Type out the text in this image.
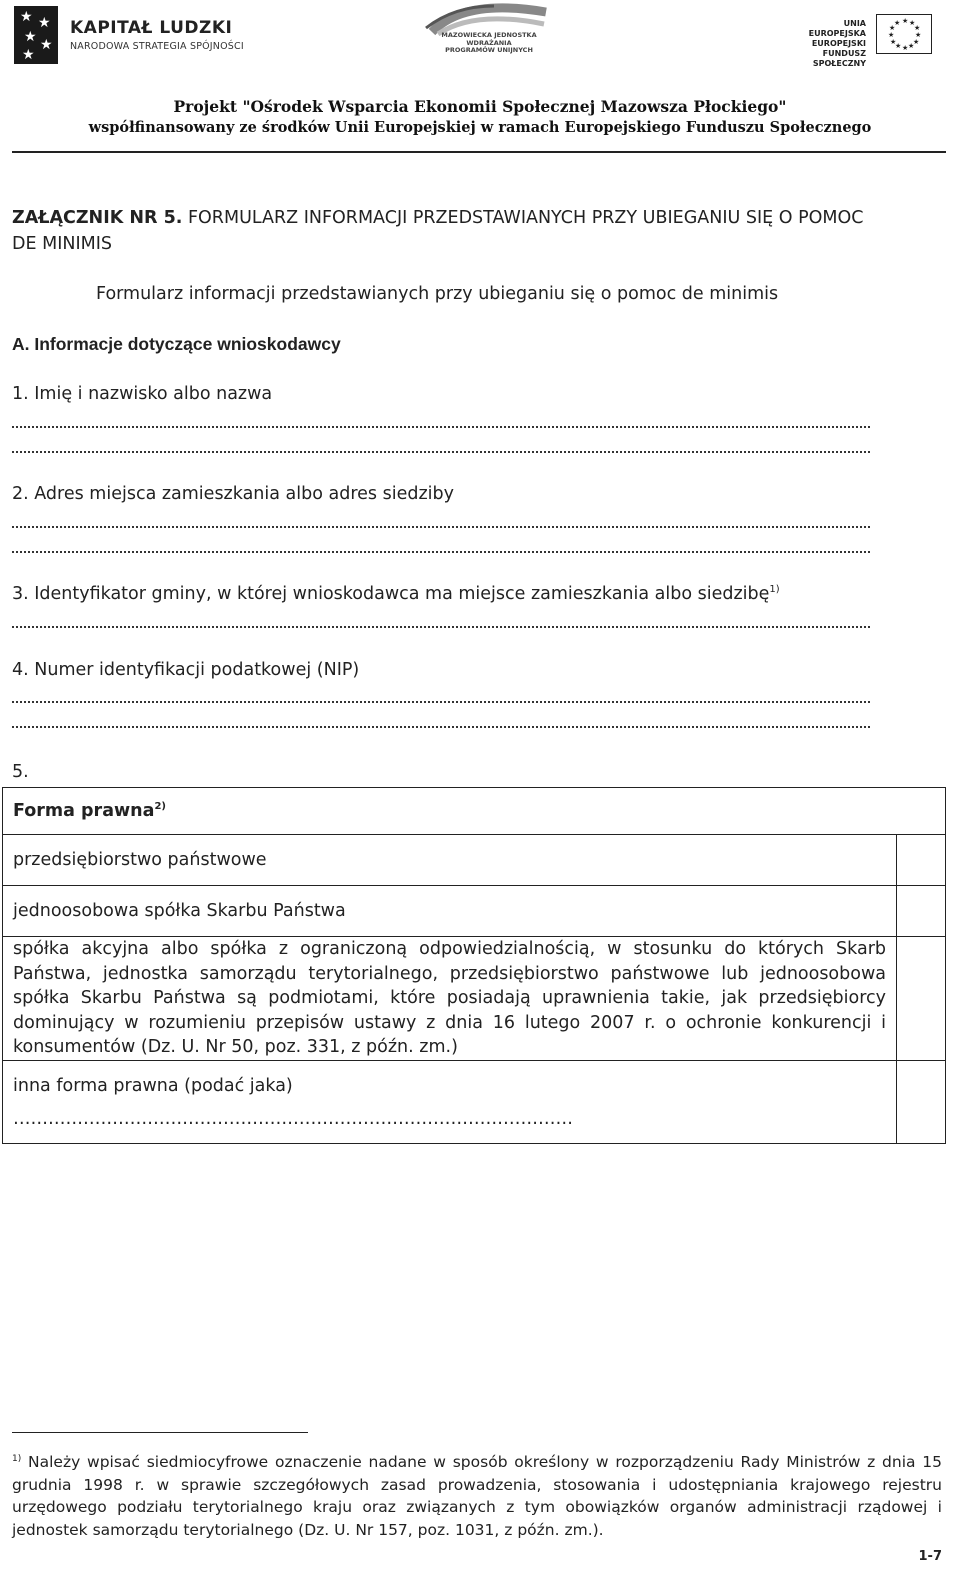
★ ★
★ ★
★
KAPITAŁ LUDZKI
NARODOWA STRATEGIA SPÓJNOŚCI
MAZOWIECKA JEDNOSTKA
WDRAŻANIA
PROGRAMÓW UNIJNYCH
UNIA EUROPEJSKA
EUROPEJSKI
FUNDUSZ SPOŁECZNY
★ ★
★
★
★
★
★
★
★
★
★
★
Projekt "Ośrodek Wsparcia Ekonomii Społecznej Mazowsza Płockiego"
współfinansowany ze środków Unii Europejskiej w ramach Europejskiego Funduszu Społecznego
ZAŁĄCZNIK NR 5. FORMULARZ INFORMACJI PRZEDSTAWIANYCH PRZY UBIEGANIU SIĘ O POMOC
DE MINIMIS
Formularz informacji przedstawianych przy ubieganiu się o pomoc de minimis
A. Informacje dotyczące wnioskodawcy
1. Imię i nazwisko albo nazwa
2. Adres miejsca zamieszkania albo adres siedziby
3. Identyfikator gminy, w której wnioskodawca ma miejsce zamieszkania albo siedzibę$^{1)}$
4. Numer identyfikacji podatkowej (NIP)
5.
Forma prawna$^{2)}$
przedsiębiorstwo państwowe	
jednoosobowa spółka Skarbu Państwa	
spółka akcyjna albo spółka z ograniczoną odpowiedzialnością, w stosunku do których Skarb Państwa, jednostka samorządu terytorialnego, przedsiębiorstwo państwowe lub jednoosobowa spółka Skarbu Państwa są podmiotami, które posiadają uprawnienia takie, jak przedsiębiorcy dominujący w rozumieniu przepisów ustawy z dnia 16 lutego 2007 r. o ochronie konkurencji i konsumentów (Dz. U. Nr 50, poz. 331, z późn. zm.)	

inna forma prawna (podać jaka)
……………………………………………………………………………………	

$^{1)}$ Należy wpisać siedmiocyfrowe oznaczenie nadane w sposób określony w rozporządzeniu Rady Ministrów z dnia 15 grudnia 1998 r. w sprawie szczegółowych zasad prowadzenia, stosowania i udostępniania krajowego rejestru urzędowego podziału terytorialnego kraju oraz związanych z tym obowiązków organów administracji rządowej i jednostek samorządu terytorialnego (Dz. U. Nr 157, poz. 1031, z późn. zm.).
1-7
